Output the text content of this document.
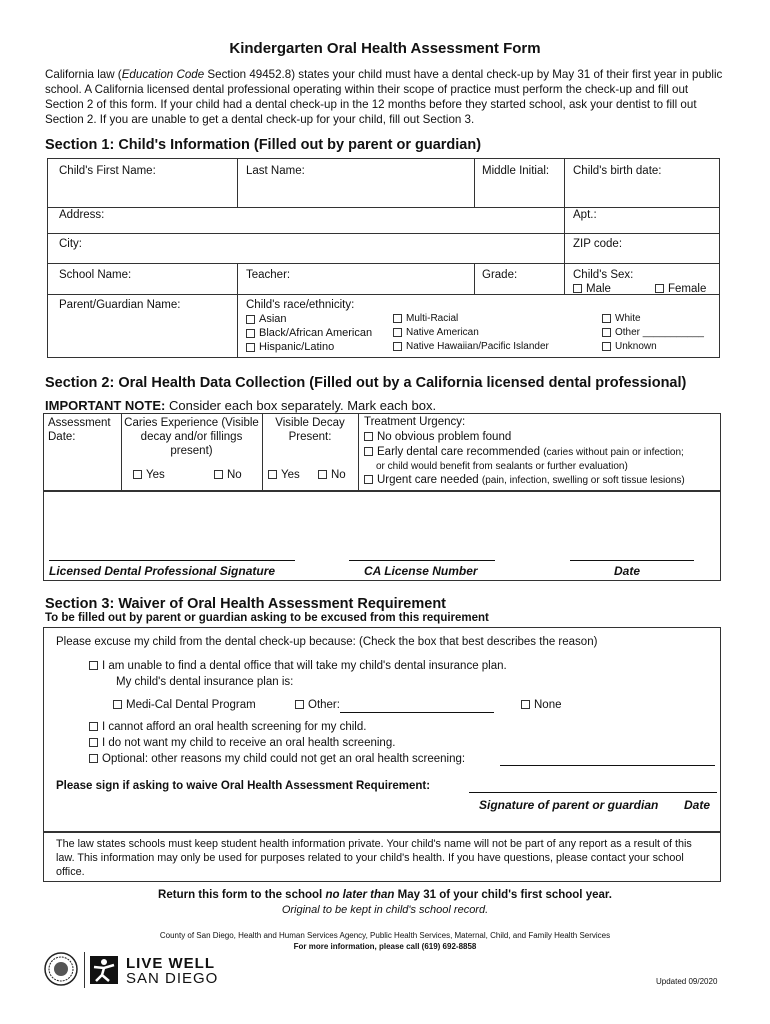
Kindergarten Oral Health Assessment Form
California law (Education Code Section 49452.8) states your child must have a dental check-up by May 31 of their first year in public school. A California licensed dental professional operating within their scope of practice must perform the check-up and fill out Section 2 of this form. If your child had a dental check-up in the 12 months before they started school, ask your dentist to fill out Section 2. If you are unable to get a dental check-up for your child, fill out Section 3.
Section 1: Child's Information (Filled out by parent or guardian)
Child's First Name:	Last Name:	Middle Initial: Child's birth date:
Address:	Apt.:
City:	ZIP code:
School Name:	Teacher:	Grade:	Child's Sex:
Male	Female
Parent/Guardian Name:	Child's race/ethnicity:
Asian
Black/African American
Hispanic/Latino
Multi-Racial
Native American
Native Hawaiian/Pacific Islander
White
Other ___________
Unknown
Section 2: Oral Health Data Collection (Filled out by a California licensed dental professional)
IMPORTANT NOTE: Consider each box separately. Mark each box.
Assessment Date:
Caries Experience (Visible decay and/or fillings present)
Yes	No
Visible Decay Present:
Yes	No
Treatment Urgency:
No obvious problem found
Early dental care recommended (caries without pain or infection;
or child would benefit from sealants or further evaluation)
Urgent care needed (pain, infection, swelling or soft tissue lesions)
Licensed Dental Professional Signature	CA License Number	Date
Section 3: Waiver of Oral Health Assessment Requirement
To be filled out by parent or guardian asking to be excused from this requirement
Please excuse my child from the dental check-up because: (Check the box that best describes the reason)
I am unable to find a dental office that will take my child's dental insurance plan.
My child's dental insurance plan is:
Medi-Cal Dental Program	Other:	None
I cannot afford an oral health screening for my child.
I do not want my child to receive an oral health screening.
Optional: other reasons my child could not get an oral health screening:
Please sign if asking to waive Oral Health Assessment Requirement:
Signature of parent or guardian Date
The law states schools must keep student health information private. Your child's name will not be part of any report as a result of this law. This information may only be used for purposes related to your child's health. If you have questions, please contact your school office.
Return this form to the school no later than May 31 of your child's first school year.
Original to be kept in child's school record.
County of San Diego, Health and Human Services Agency, Public Health Services, Maternal, Child, and Family Health Services
For more information, please call (619) 692-8858
LIVE WELL
SAN DIEGO	Updated 09/2020
